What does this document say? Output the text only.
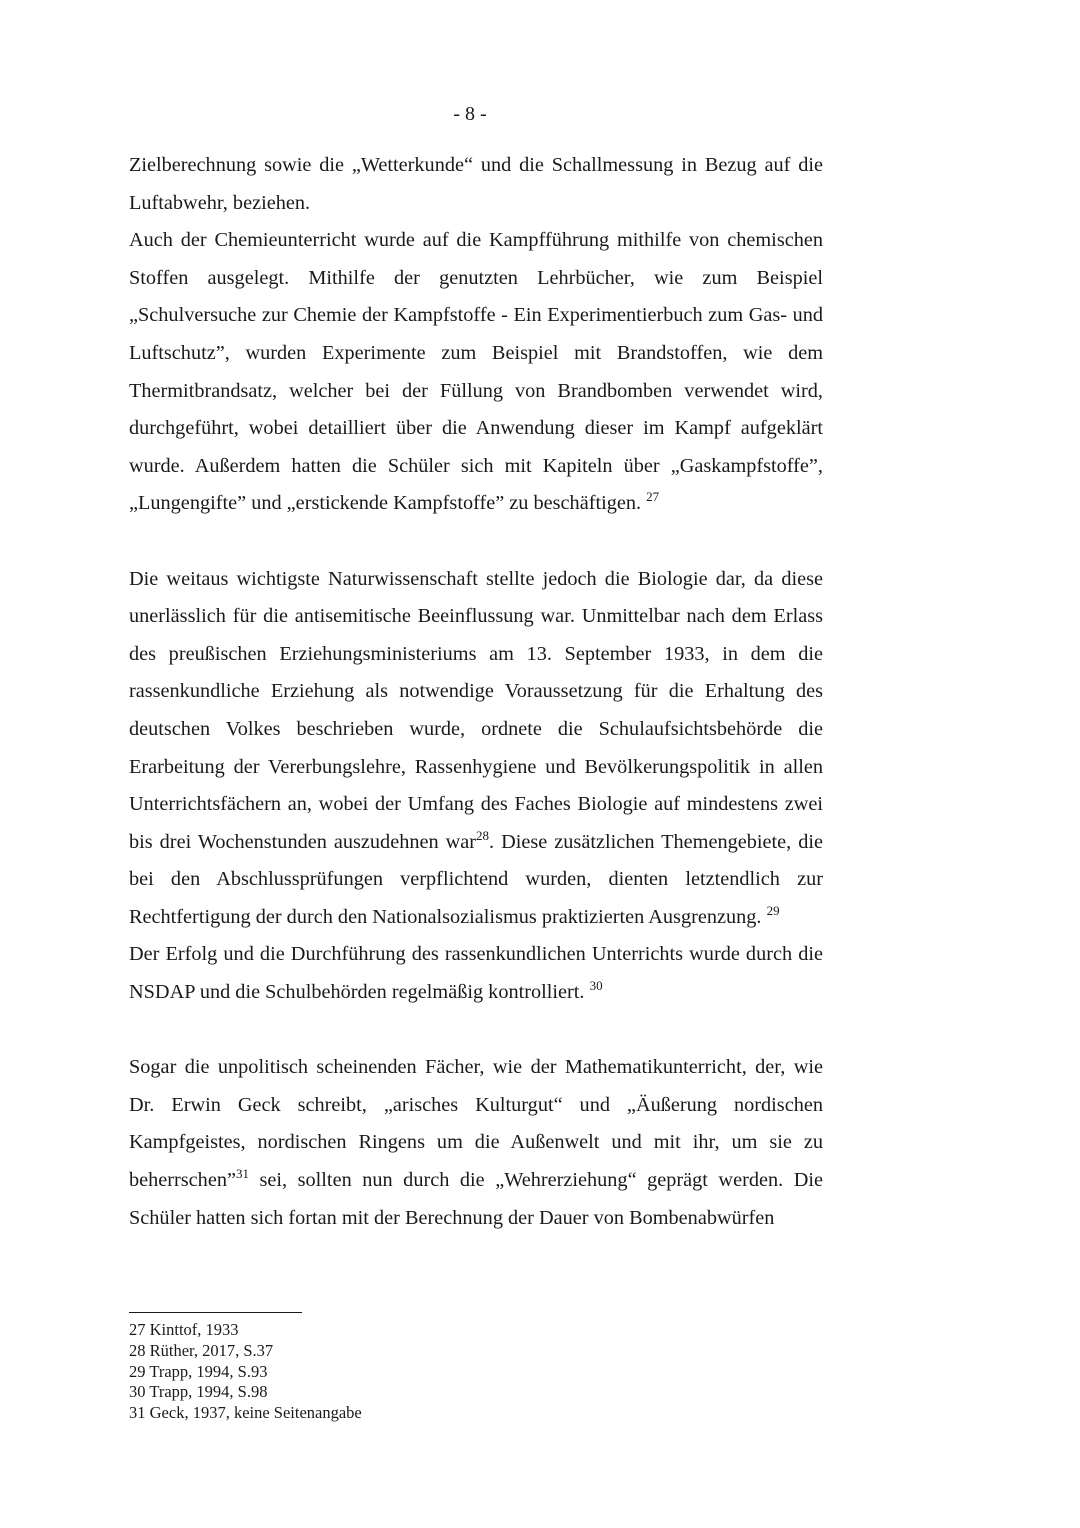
- 8 -

Zielberechnung sowie die „Wetterkunde“ und die Schallmessung in Bezug auf die Luftabwehr, beziehen.

Auch der Chemieunterricht wurde auf die Kampfführung mithilfe von chemischen Stoffen ausgelegt. Mithilfe der genutzten Lehrbücher, wie zum Beispiel „Schulversuche zur Chemie der Kampfstoffe - Ein Experimentierbuch zum Gas- und Luftschutz”, wurden Experimente zum Beispiel mit Brandstoffen, wie dem Thermitbrandsatz, welcher bei der Füllung von Brandbomben verwendet wird, durchgeführt, wobei detailliert über die Anwendung dieser im Kampf aufgeklärt wurde. Außerdem hatten die Schüler sich mit Kapiteln über „Gaskampfstoffe”, „Lungengifte” und „erstickende Kampfstoffe” zu beschäftigen. $^{27}$

Die weitaus wichtigste Naturwissenschaft stellte jedoch die Biologie dar, da diese unerlässlich für die antisemitische Beeinflussung war. Unmittelbar nach dem Erlass des preußischen Erziehungsministeriums am 13. September 1933, in dem die rassenkundliche Erziehung als notwendige Voraussetzung für die Erhaltung des deutschen Volkes beschrieben wurde, ordnete die Schulaufsichtsbehörde die Erarbeitung der Vererbungslehre, Rassenhygiene und Bevölkerungspolitik in allen Unterrichtsfächern an, wobei der Umfang des Faches Biologie auf mindestens zwei bis drei Wochenstunden auszudehnen war$^{28}$. Diese zusätzlichen Themengebiete, die bei den Abschlussprüfungen verpflichtend wurden, dienten letztendlich zur Rechtfertigung der durch den Nationalsozialismus praktizierten Ausgrenzung. $^{29}$

Der Erfolg und die Durchführung des rassenkundlichen Unterrichts wurde durch die NSDAP und die Schulbehörden regelmäßig kontrolliert. $^{30}$

Sogar die unpolitisch scheinenden Fächer, wie der Mathematikunterricht, der, wie Dr. Erwin Geck schreibt, „arisches Kulturgut“ und „Äußerung nordischen Kampfgeistes, nordischen Ringens um die Außenwelt und mit ihr, um sie zu beherrschen”$^{31}$ sei, sollten nun durch die „Wehrerziehung“ geprägt werden. Die Schüler hatten sich fortan mit der Berechnung der Dauer von Bombenabwürfen

27 Kinttof, 1933
28 Rüther, 2017, S.37
29 Trapp, 1994, S.93
30 Trapp, 1994, S.98
31 Geck, 1937, keine Seitenangabe
